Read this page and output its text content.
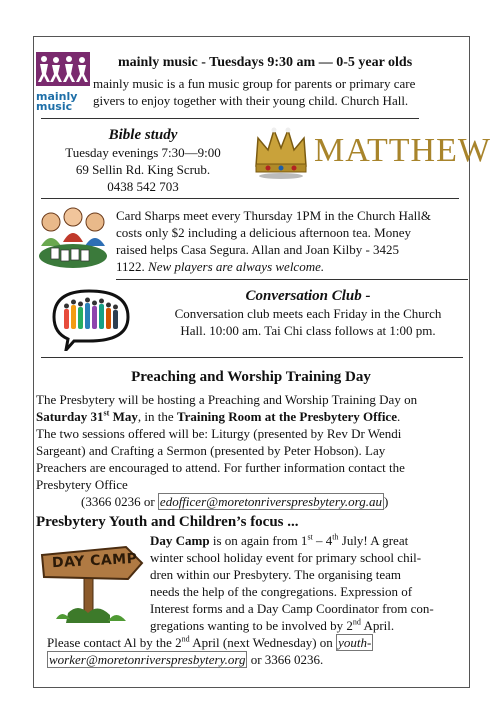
mainly music
mainly music - Tuesdays 9:30 am — 0-5 year olds
mainly music is a fun music group for parents or primary care
givers to enjoy together with their young child. Church Hall.
Bible study
Tuesday evenings 7:30—9:00
69 Sellin Rd. King Scrub.
0438 542 703
MATTHEW
Card Sharps meet every Thursday 1PM in the Church Hall&
costs only $2 including a delicious afternoon tea. Money
raised helps Casa Segura. Allan and Joan Kilby - 3425
1122. New players are always welcome.
Conversation Club -
Conversation club meets each Friday in the Church
Hall. 10:00 am. Tai Chi class follows at 1:00 pm.
Preaching and Worship Training Day
The Presbytery will be hosting a Preaching and Worship Training Day on
Saturday 31st May, in the Training Room at the Presbytery Office.
The two sessions offered will be: Liturgy (presented by Rev Dr Wendi
Sargeant) and Crafting a Sermon (presented by Peter Hobson). Lay
Preachers are encouraged to attend. For further information contact the
Presbytery Office
(3366 0236 or edofficer@moretonriverspresbytery.org.au )
Presbytery Youth and Children’s focus ...
DAY CAMP
Day Camp is on again from 1st – 4th July! A great
winter school holiday event for primary school chil-
dren within our Presbytery. The organising team
needs the help of the congregations. Expression of
Interest forms and a Day Camp Coordinator from con-
gregations wanting to be involved by 2nd April.
Please contact Al by the 2nd April (next Wednesday) on youth-
worker@moretonriverspresbytery.org or 3366 0236.
